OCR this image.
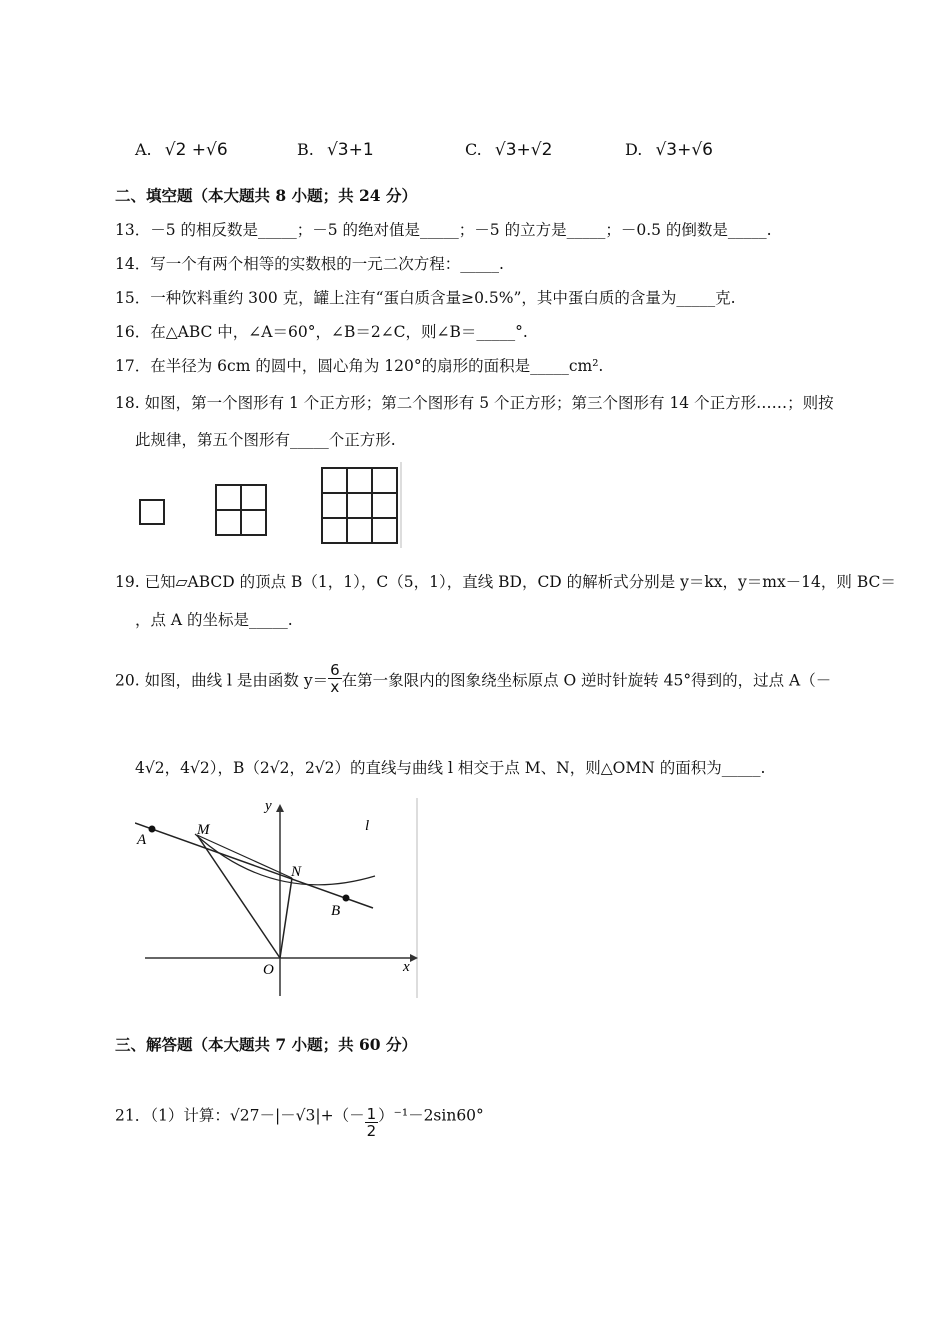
A. √2 +√6	B. √3+1	C. √3+√2	D. √3+√6
二、填空题（本大题共 8 小题；共 24 分）
13．－5 的相反数是_____；－5 的绝对值是_____；－5 的立方是_____；－0.5 的倒数是_____.
14．写一个有两个相等的实数根的一元二次方程：_____.
15．一种饮料重约 300 克，罐上注有“蛋白质含量≥0.5%”，其中蛋白质的含量为_____克.
16．在△ABC 中，∠A＝60°，∠B＝2∠C，则∠B＝_____°.
17．在半径为 6cm 的圆中，圆心角为 120°的扇形的面积是_____cm².
18. 如图，第一个图形有 1 个正方形；第二个图形有 5 个正方形；第三个图形有 14 个正方形……；则按
此规律，第五个图形有_____个正方形.
19. 已知▱ABCD 的顶点 B（1，1），C（5，1），直线 BD，CD 的解析式分别是 y＝kx，y＝mx－14，则 BC＝
，点 A 的坐标是_____.
20. 如图，曲线 l 是由函数 $y= \frac{6}{x}$ 在第一象限内的图象绕坐标原点 O 逆时针旋转 45°得到的，过点 A（－
4√2，4√2），B（2√2，2√2）的直线与曲线 l 相交于点 M、N，则△OMN 的面积为_____.
y
x
l
A
M
N
B
O
三、解答题（本大题共 7 小题；共 60 分）
21．（1）计算：$√27-|-√3|+(- \frac{1}{2} )^{-1}-2\sin 60^\circ$
